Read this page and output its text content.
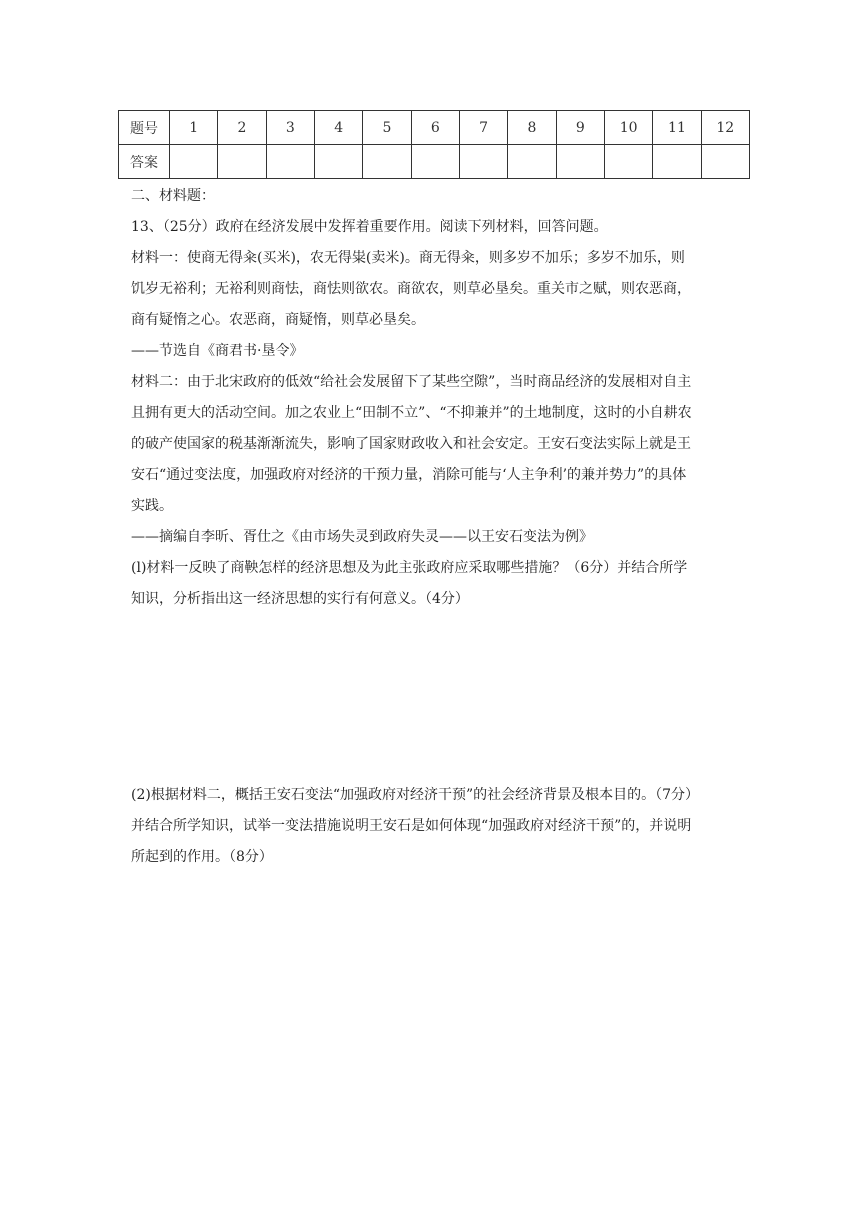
题号	1	2	3	4	5	6	7	8	9	10	11	12
答案												
二、材料题：
13、（25分）政府在经济发展中发挥着重要作用。阅读下列材料，回答问题。
材料一：使商无得籴(买米)，农无得粜(卖米)。商无得籴，则多岁不加乐；多岁不加乐，则
饥岁无裕利；无裕利则商怯，商怯则欲农。商欲农，则草必垦矣。重关市之赋，则农恶商，
商有疑惰之心。农恶商，商疑惰，则草必垦矣。
——节选自《商君书·垦令》
材料二：由于北宋政府的低效“给社会发展留下了某些空隙”，当时商品经济的发展相对自主
且拥有更大的活动空间。加之农业上“田制不立”、“不抑兼并”的土地制度，这时的小自耕农
的破产使国家的税基渐渐流失，影响了国家财政收入和社会安定。王安石变法实际上就是王
安石“通过变法度，加强政府对经济的干预力量，消除可能与‘人主争利’的兼并势力”的具体
实践。
——摘编自李昕、胥仕之《由市场失灵到政府失灵——以王安石变法为例》
(l)材料一反映了商鞅怎样的经济思想及为此主张政府应采取哪些措施？（6分）并结合所学
知识，分析指出这一经济思想的实行有何意义。（4分）
(2)根据材料二，概括王安石变法“加强政府对经济干预”的社会经济背景及根本目的。（7分）
并结合所学知识，试举一变法措施说明王安石是如何体现“加强政府对经济干预”的，并说明
所起到的作用。（8分）
